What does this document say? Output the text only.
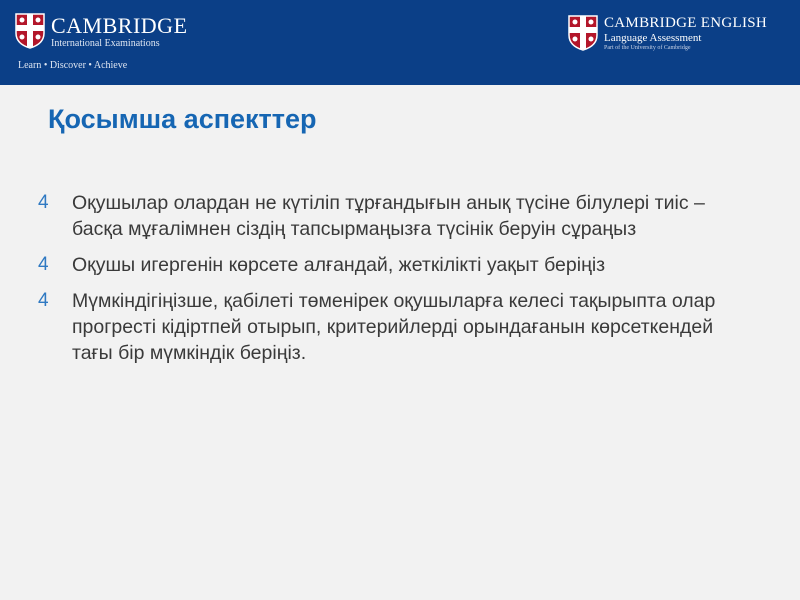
CAMBRIDGE
International Examinations
Learn • Discover • Achieve
CAMBRIDGE ENGLISH
Language Assessment
Part of the University of Cambridge
Қосымша аспекттер
4 Оқушылар олардан не күтіліп тұрғандығын анық түсіне білулері тиіс – басқа мұғалімнен сіздің тапсырмаңызға түсінік беруін сұраңыз
4 Оқушы игергенін көрсете алғандай, жеткілікті уақыт беріңіз
4 Мүмкіндігіңізше, қабілеті төменірек оқушыларға келесі тақырыпта олар прогресті кідіртпей отырып, критерийлерді орындағанын көрсеткендей тағы бір мүмкіндік беріңіз.
